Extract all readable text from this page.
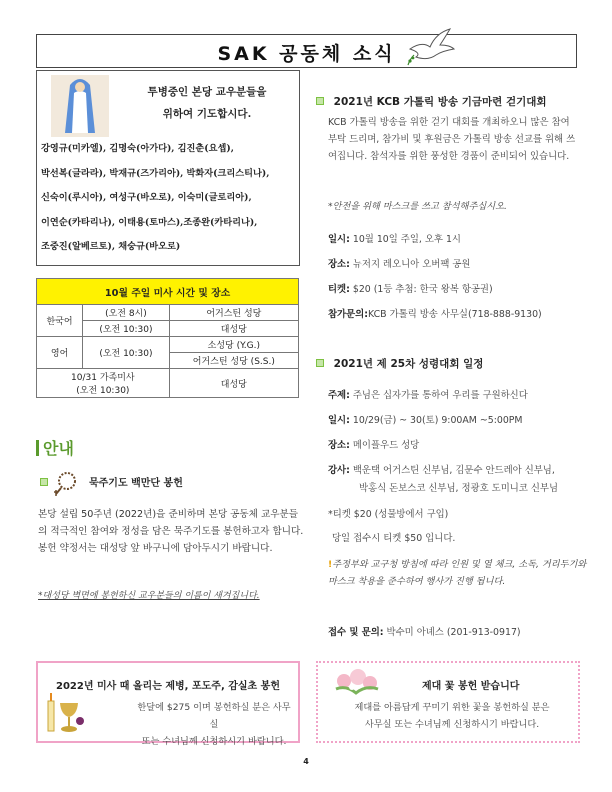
SAK 공동체 소식
투병중인 본당 교우분들을
위하여 기도합시다.
강영규(미카엘), 김명숙(아가다), 김진춘(요셉),
박선복(글라라), 박재규(즈가리아), 박화자(크리스티나),
신숙이(루시아), 여성구(바오로), 이숙미(글로리아),
이연순(카타리나), 이태용(토마스),조종완(카타리나),
조중진(알베르토), 채숭규(바오로)
10월 주일 미사 시간 및 장소		
한국어	(오전 8시)	어거스틴 성당
	(오전 10:30)	대성당
영어	(오전 10:30)	소성당 (Y.G.)
		어거스틴 성당 (S.S.)

10/31 가족미사
(오전 10:30)		대성당
안내
묵주기도 백만단 봉헌
본당 설립 50주년 (2022년)을 준비하며 본당 공동체 교우분들의 적극적인 참여와 정성을 담은 묵주기도를 봉헌하고자 합니다.
봉헌 약정서는 대성당 앞 바구니에 담아두시기 바랍니다.
*대성당 벽면에 봉헌하신 교우분들의 이름이 새겨집니다.
2021년 KCB 가톨릭 방송 기금마련 걷기대회
KCB 가톨릭 방송을 위한 걷기 대회를 개최하오니 많은 참여 부탁 드리며, 참가비 및 후원금은 가톨릭 방송 선교를 위해 쓰여집니다. 참석자를 위한 풍성한 경품이 준비되어 있습니다.
*안전을 위해 마스크를 쓰고 참석해주십시오.
일시: 10월 10일 주일, 오후 1시
장소: 뉴저지 레오니아 오버팩 공원
티켓: $20 (1등 추첨: 한국 왕복 항공권)
참가문의:KCB 가톨릭 방송 사무실(718-888-9130)
2021년 제 25차 성령대회 일정
주제: 주님은 십자가를 통하여 우리를 구원하신다
일시: 10/29(금) ~ 30(토) 9:00AM ~5:00PM
장소: 메이플우드 성당
강사: 백운택 어거스틴 신부님, 김문수 안드레아 신부님,
박홍식 돈보스코 신부님, 정광호 도미니코 신부님
*티켓 $20 (성물방에서 구입)
당일 접수시 티켓 $50 입니다.
!주정부와 교구청 방침에 따라 인원 및 열 체크, 소독, 거리두기와 마스크 착용을 준수하여 행사가 진행 됩니다.
접수 및 문의: 박수미 아녜스 (201-913-0917)
2022년 미사 때 올리는 제병, 포도주, 감실초 봉헌
한달에 $275 이며 봉헌하실 분은 사무실
또는 수녀님께 신청하시기 바랍니다.
제대 꽃 봉헌 받습니다
제대를 아름답게 꾸미기 위한 꽃을 봉헌하실 분은
사무실 또는 수녀님께 신청하시기 바랍니다.
4
